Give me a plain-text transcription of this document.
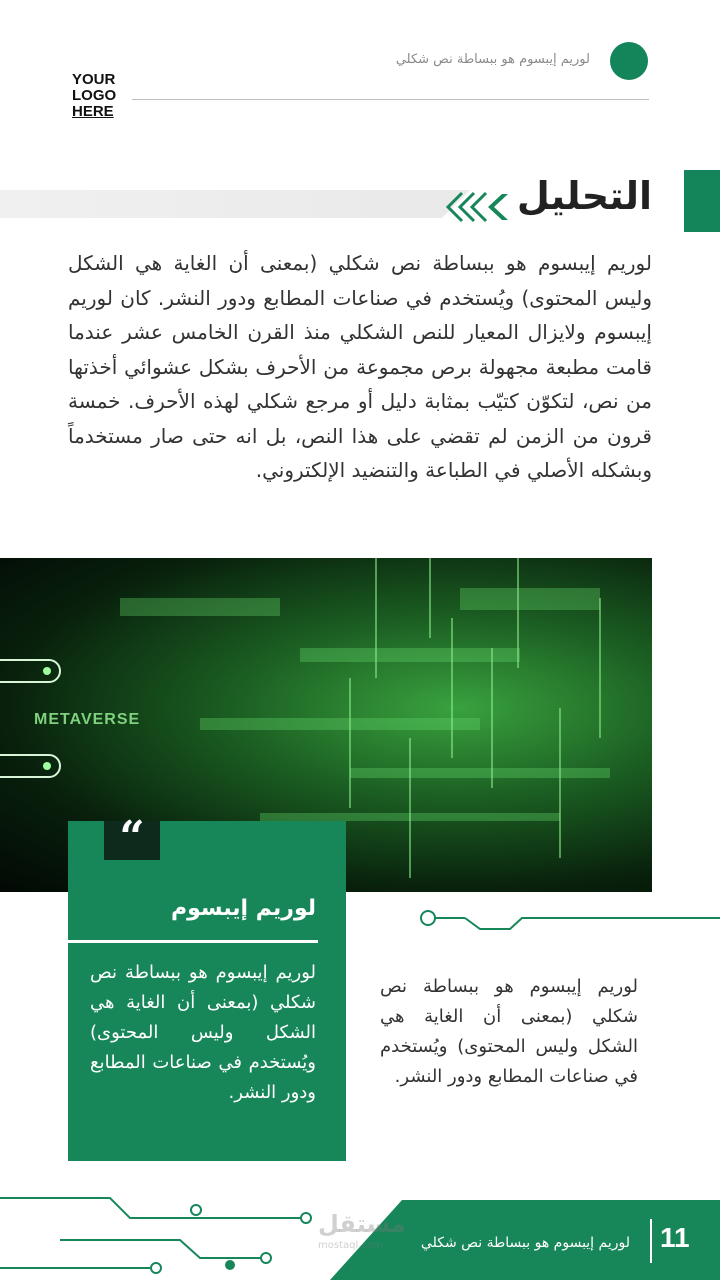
YOUR
LOGO
HERE
لوريم إيبسوم هو ببساطة نص شكلي
التحليل
لوريم إيبسوم هو ببساطة نص شكلي (بمعنى أن الغاية هي الشكل وليس المحتوى) ويُستخدم في صناعات المطابع ودور النشر. كان لوريم إيبسوم ولايزال المعيار للنص الشكلي منذ القرن الخامس عشر عندما قامت مطبعة مجهولة برص مجموعة من الأحرف بشكل عشوائي أخذتها من نص، لتكوّن كتيّب بمثابة دليل أو مرجع شكلي لهذه الأحرف. خمسة قرون من الزمن لم تقضي على هذا النص، بل انه حتى صار مستخدماً وبشكله الأصلي في الطباعة والتنضيد الإلكتروني.
METAVERSE
“
لوريم إيبسوم
لوريم إيبسوم هو ببساطة نص شكلي (بمعنى أن الغاية هي الشكل وليس المحتوى) ويُستخدم في صناعات المطابع ودور النشر.
لوريم إيبسوم هو ببساطة نص شكلي (بمعنى أن الغاية هي الشكل وليس المحتوى) ويُستخدم في صناعات المطابع ودور النشر.
مستقل
mostaql.com	لوريم إيبسوم هو ببساطة نص شكلي 11
